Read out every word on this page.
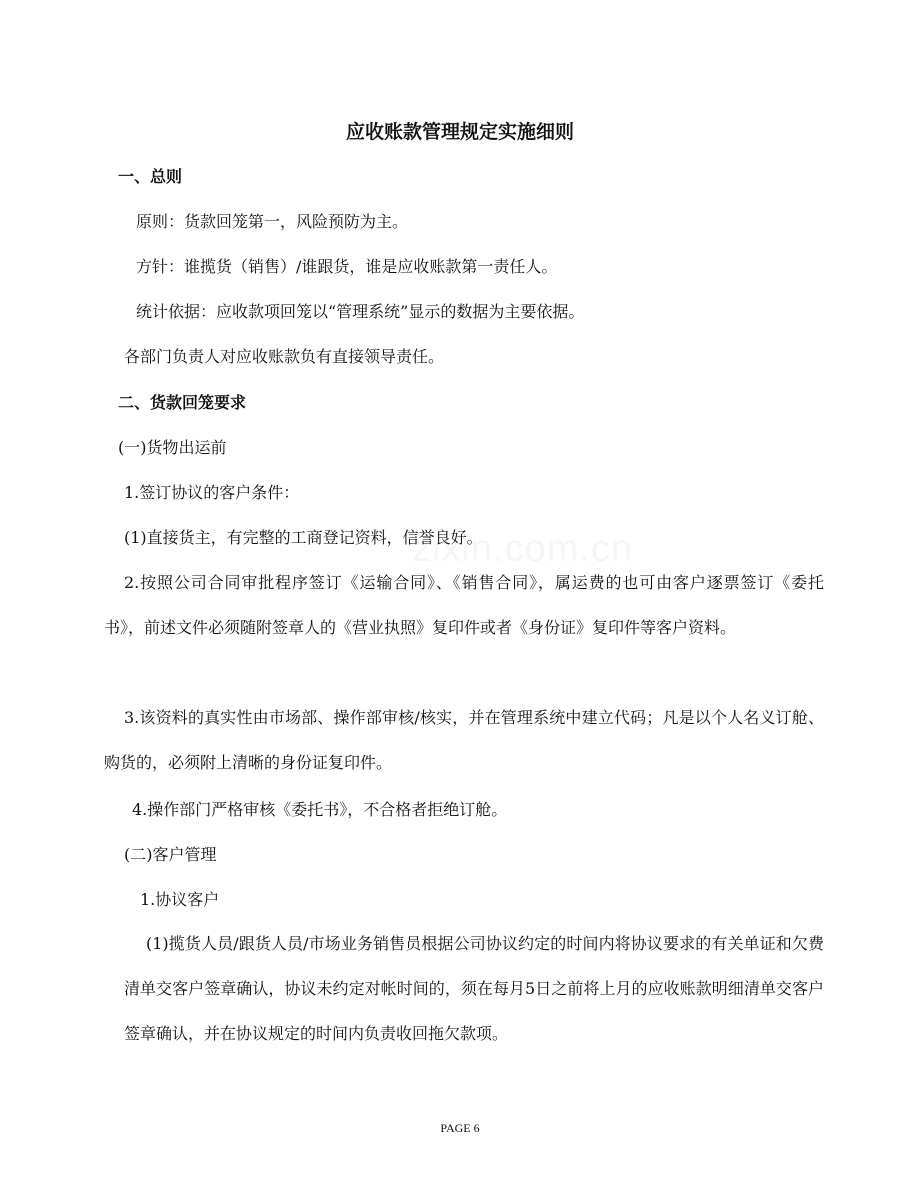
zixin.com.cn
应收账款管理规定实施细则
一、总则
原则：货款回笼第一，风险预防为主。
方针：谁揽货（销售）/谁跟货，谁是应收账款第一责任人。
统计依据：应收款项回笼以“管理系统”显示的数据为主要依据。
各部门负责人对应收账款负有直接领导责任。
二、货款回笼要求
(一)货物出运前
1.签订协议的客户条件：
(1)直接货主，有完整的工商登记资料，信誉良好。
2.按照公司合同审批程序签订《运输合同》、《销售合同》，属运费的也可由客户逐票签订《委托书》，前述文件必须随附签章人的《营业执照》复印件或者《身份证》复印件等客户资料。
3.该资料的真实性由市场部、操作部审核/核实，并在管理系统中建立代码；凡是以个人名义订舱、购货的，必须附上清晰的身份证复印件。
4.操作部门严格审核《委托书》，不合格者拒绝订舱。
(二)客户管理
1.协议客户
(1)揽货人员/跟货人员/市场业务销售员根据公司协议约定的时间内将协议要求的有关单证和欠费清单交客户签章确认，协议未约定对帐时间的，须在每月5日之前将上月的应收账款明细清单交客户签章确认，并在协议规定的时间内负责收回拖欠款项。
PAGE 6
